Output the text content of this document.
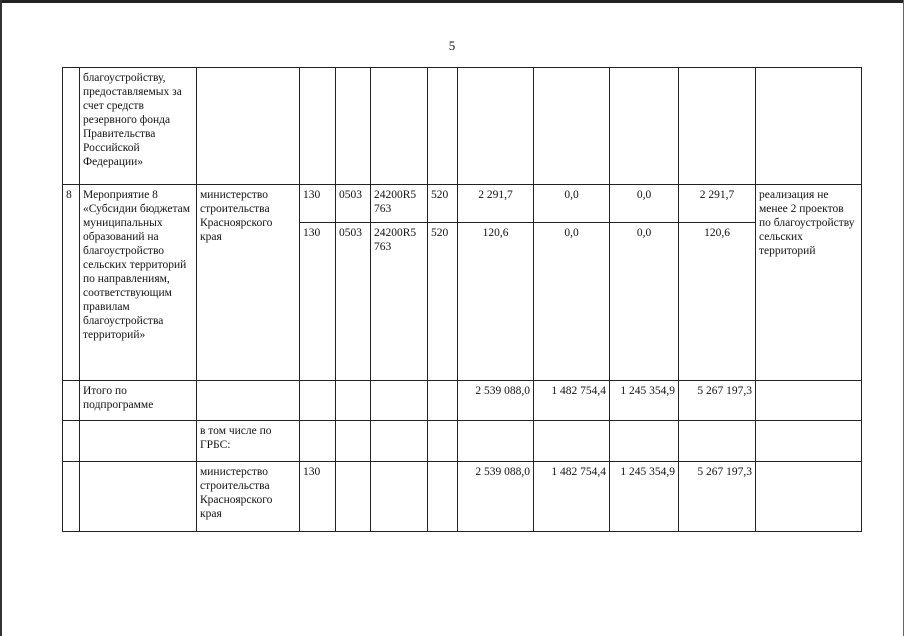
5
	благоустройству, предоставляемых за счет средств резервного фонда Правительства Российской Федерации»										
8	Мероприятие 8 «Субсидии бюджетам муниципальных образований на благоустройство сельских территорий по направлениям, соответствующим правилам благоустройства территорий»	министерство строительства Красноярского края	130	0503	24200R5 763	520	2 291,7	0,0	0,0	2 291,7	реализация не менее 2 проектов по благоустройству сельских территорий
			130	0503	24200R5 763	520	120,6	0,0	0,0	120,6	
	Итого по подпрограмме						2 539 088,0	1 482 754,4	1 245 354,9	5 267 197,3	
		в том числе по ГРБС:									
		министерство строительства Красноярского края	130				2 539 088,0	1 482 754,4	1 245 354,9	5 267 197,3	
